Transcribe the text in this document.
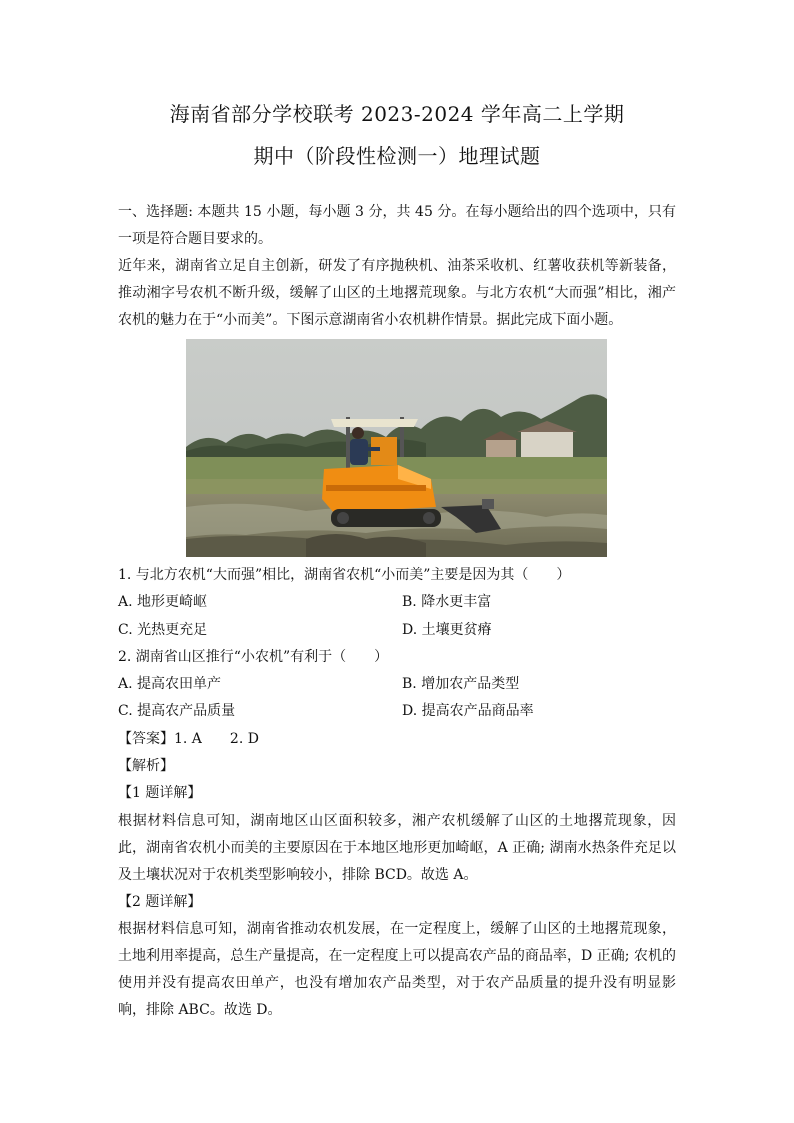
海南省部分学校联考 2023-2024 学年高二上学期
期中（阶段性检测一）地理试题

一、选择题: 本题共 15 小题，每小题 3 分，共 45 分。在每小题给出的四个选项中，只有一项是符合题目要求的。

近年来，湖南省立足自主创新，研发了有序抛秧机、油茶采收机、红薯收获机等新装备，推动湘字号农机不断升级，缓解了山区的土地撂荒现象。与北方农机“大而强”相比，湘产农机的魅力在于“小而美”。下图示意湖南省小农机耕作情景。据此完成下面小题。

1. 与北方农机“大而强”相比，湖南省农机“小而美”主要是因为其（　　）
A. 地形更崎岖	B. 降水更丰富
C. 光热更充足	D. 土壤更贫瘠
2. 湖南省山区推行“小农机”有利于（　　）
A. 提高农田单产	B. 增加农产品类型
C. 提高农产品质量	D. 提高农产品商品率
【答案】1. A　　2. D
【解析】
【1 题详解】

根据材料信息可知，湖南地区山区面积较多，湘产农机缓解了山区的土地撂荒现象，因此，湖南省农机小而美的主要原因在于本地区地形更加崎岖，A 正确; 湖南水热条件充足以及土壤状况对于农机类型影响较小，排除 BCD。故选 A。

【2 题详解】

根据材料信息可知，湖南省推动农机发展，在一定程度上，缓解了山区的土地撂荒现象，土地利用率提高，总生产量提高，在一定程度上可以提高农产品的商品率，D 正确; 农机的使用并没有提高农田单产，也没有增加农产品类型，对于农产品质量的提升没有明显影响，排除 ABC。故选 D。
